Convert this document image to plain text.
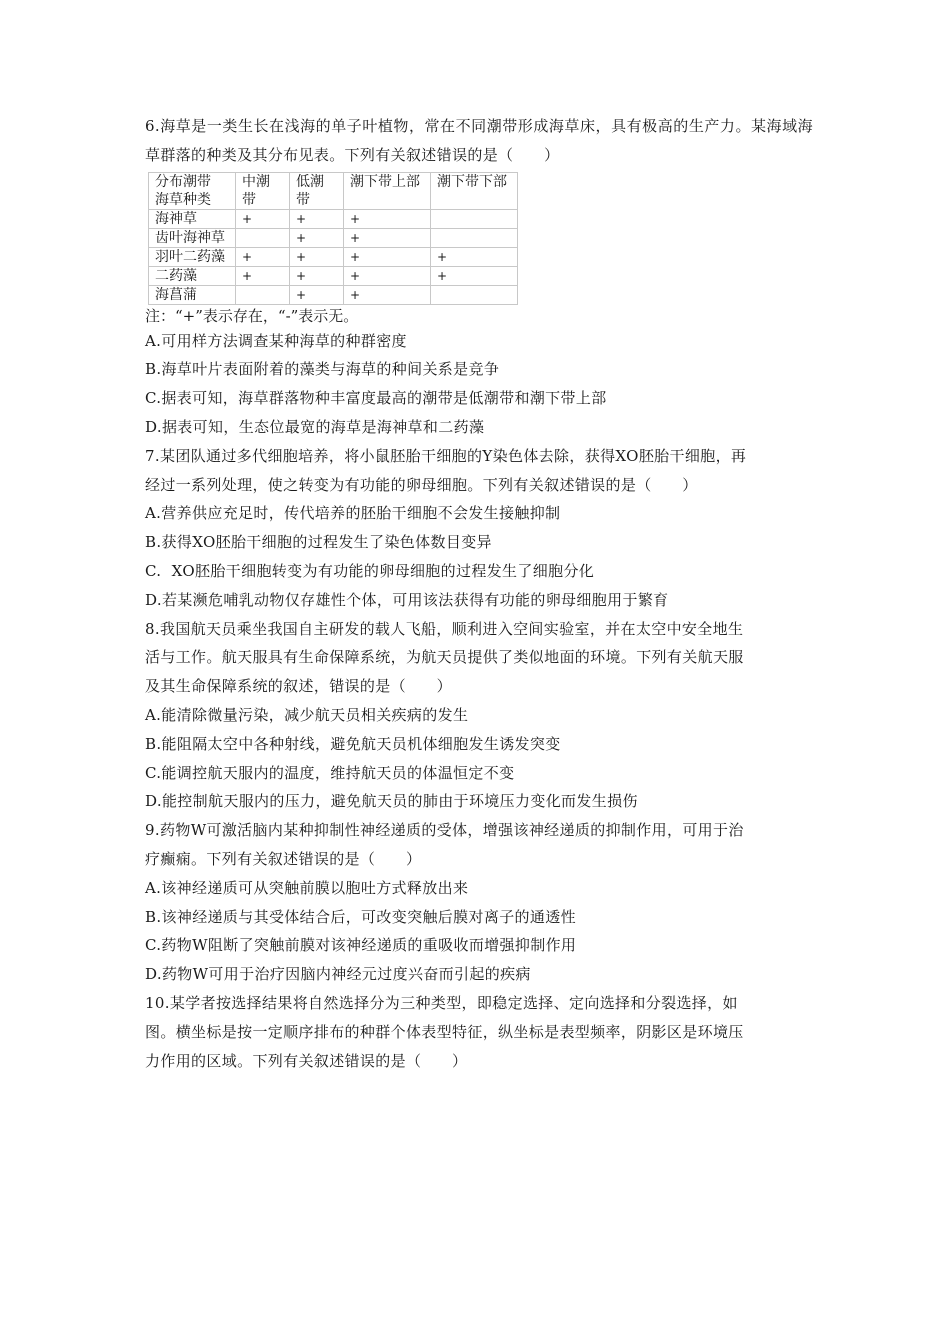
6.海草是一类生长在浅海的单子叶植物，常在不同潮带形成海草床，具有极高的生产力。某海域海草群落的种类及其分布见表。下列有关叙述错误的是（　　）
分布潮带
海草种类	中潮带	低潮带	潮下带上部	潮下带下部
海神草	+	+	+	
齿叶海神草		+	+	
羽叶二药藻	+	+	+	+
二药藻	+	+	+	+
海菖蒲		+	+	
注：“+”表示存在，“-”表示无。
A.可用样方法调查某种海草的种群密度
B.海草叶片表面附着的藻类与海草的种间关系是竞争
C.据表可知，海草群落物种丰富度最高的潮带是低潮带和潮下带上部
D.据表可知，生态位最宽的海草是海神草和二药藻
7.某团队通过多代细胞培养，将小鼠胚胎干细胞的Y染色体去除，获得XO胚胎干细胞，再
经过一系列处理，使之转变为有功能的卵母细胞。下列有关叙述错误的是（　　）
A.营养供应充足时，传代培养的胚胎干细胞不会发生接触抑制
B.获得XO胚胎干细胞的过程发生了染色体数目变异
C.  XO胚胎干细胞转变为有功能的卵母细胞的过程发生了细胞分化
D.若某濒危哺乳动物仅存雄性个体，可用该法获得有功能的卵母细胞用于繁育
8.我国航天员乘坐我国自主研发的载人飞船，顺利进入空间实验室，并在太空中安全地生
活与工作。航天服具有生命保障系统，为航天员提供了类似地面的环境。下列有关航天服
及其生命保障系统的叙述，错误的是（　　）
A.能清除微量污染，减少航天员相关疾病的发生
B.能阻隔太空中各种射线，避免航天员机体细胞发生诱发突变
C.能调控航天服内的温度，维持航天员的体温恒定不变
D.能控制航天服内的压力，避免航天员的肺由于环境压力变化而发生损伤
9.药物W可激活脑内某种抑制性神经递质的受体，增强该神经递质的抑制作用，可用于治
疗癫痫。下列有关叙述错误的是（　　）
A.该神经递质可从突触前膜以胞吐方式释放出来
B.该神经递质与其受体结合后，可改变突触后膜对离子的通透性
C.药物W阻断了突触前膜对该神经递质的重吸收而增强抑制作用
D.药物W可用于治疗因脑内神经元过度兴奋而引起的疾病
10.某学者按选择结果将自然选择分为三种类型，即稳定选择、定向选择和分裂选择，如
图。横坐标是按一定顺序排布的种群个体表型特征，纵坐标是表型频率，阴影区是环境压
力作用的区域。下列有关叙述错误的是（　　）
